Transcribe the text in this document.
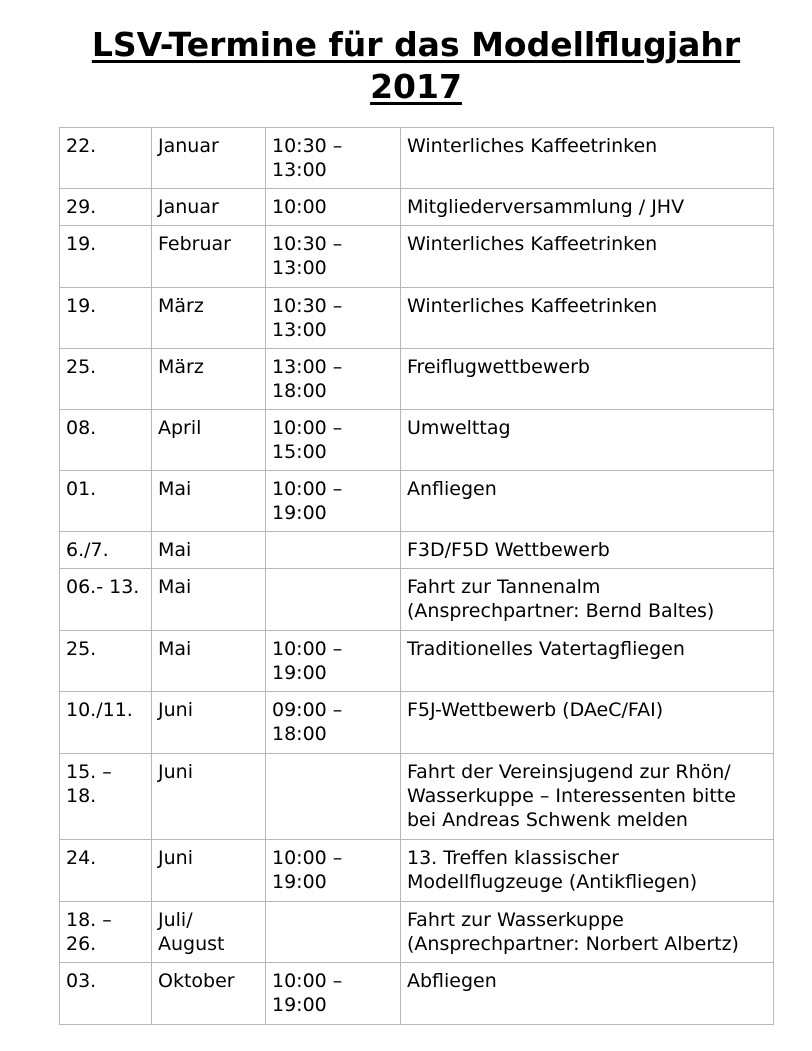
LSV-Termine für das Modellflugjahr
2017
22.	Januar	10:30 –
13:00	Winterliches Kaffeetrinken
29.	Januar	10:00	Mitgliederversammlung / JHV
19.	Februar	10:30 –
13:00	Winterliches Kaffeetrinken
19.	März	10:30 –
13:00	Winterliches Kaffeetrinken
25.	März	13:00 –
18:00	Freiflugwettbewerb
08.	April	10:00 –
15:00	Umwelttag
01.	Mai	10:00 –
19:00	Anfliegen
6./7.	Mai		F3D/F5D Wettbewerb
06.- 13.	Mai		Fahrt zur Tannenalm
(Ansprechpartner: Bernd Baltes)
25.	Mai	10:00 –
19:00	Traditionelles Vatertagfliegen
10./11.	Juni	09:00 –
18:00	F5J-Wettbewerb (DAeC/FAI)
15. –
18.	Juni		Fahrt der Vereinsjugend zur Rhön/
Wasserkuppe – Interessenten bitte
bei Andreas Schwenk melden
24.	Juni	10:00 –
19:00	13. Treffen klassischer
Modellflugzeuge (Antikfliegen)
18. –
26.	Juli/
August		Fahrt zur Wasserkuppe
(Ansprechpartner: Norbert Albertz)
03.	Oktober	10:00 –
19:00	Abfliegen
